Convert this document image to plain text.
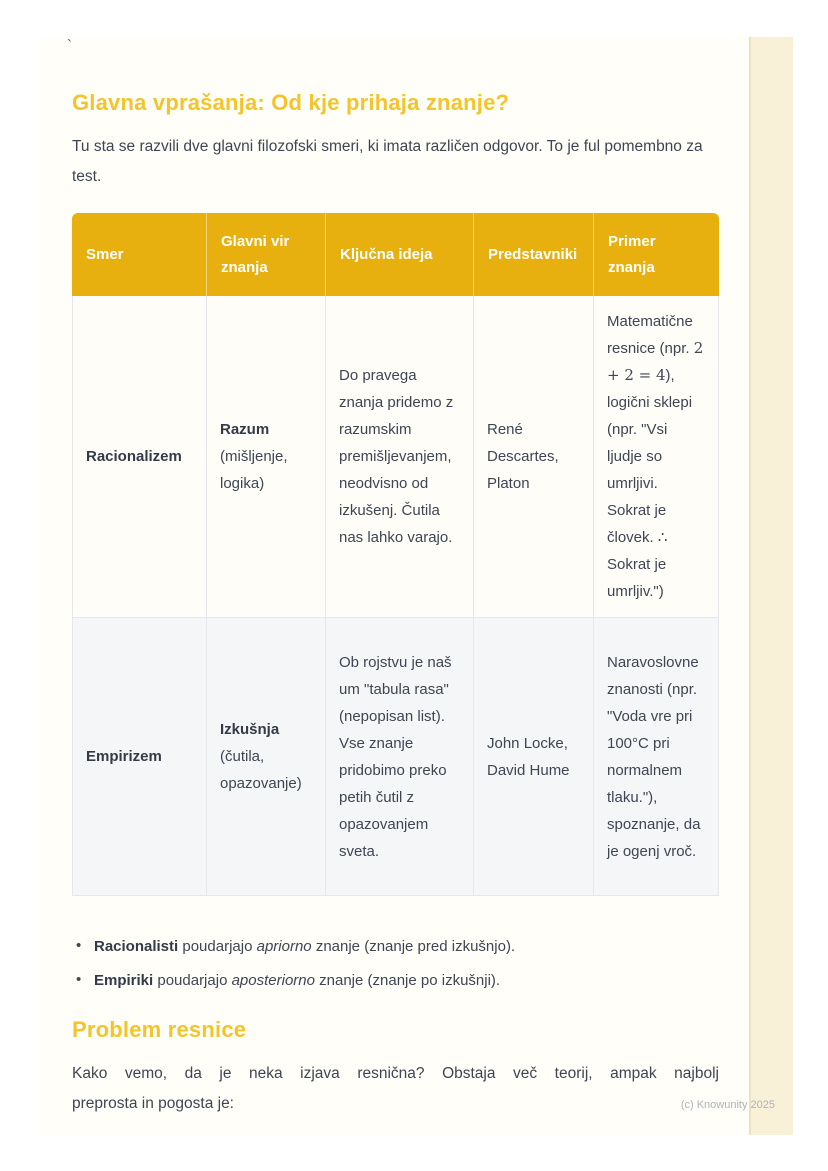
`
Glavna vprašanja: Od kje prihaja znanje?

Tu sta se razvili dve glavni filozofski smeri, ki imata različen odgovor. To je ful pomembno za test.

Smer	Glavni vir znanja	Ključna ideja	Predstavniki	Primer znanja
Racionalizem	Razum (mišljenje, logika)	Do pravega znanja pridemo z razumskim premišljevanjem, neodvisno od izkušenj. Čutila nas lahko varajo.	René Descartes, Platon	Matematične resnice (npr. 2 + 2 = 4), logični sklepi (npr. "Vsi ljudje so umrljivi. Sokrat je človek. ∴ Sokrat je umrljiv.")
Empirizem	Izkušnja (čutila, opazovanje)	Ob rojstvu je naš um "tabula rasa" (nepopisan list). Vse znanje pridobimo preko petih čutil z opazovanjem sveta.	John Locke, David Hume	Naravoslovne znanosti (npr. "Voda vre pri 100°C pri normalnem tlaku."), spoznanje, da je ogenj vroč.
• Racionalisti poudarjajo apriorno znanje (znanje pred izkušnjo).
• Empiriki poudarjajo aposteriorno znanje (znanje po izkušnji).
Problem resnice
Kako vemo, da je neka izjava resnična? Obstaja več teorij, ampak najbolj
preprosta in pogosta je:	(c) Knowunity 2025
